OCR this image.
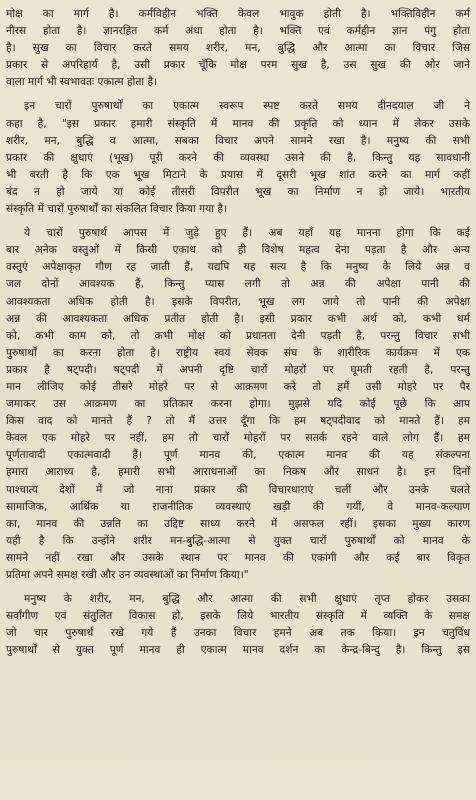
मोक्ष का मार्ग है। कर्मविहीन भक्ति केवल भावुक होती है। भक्तिविहीन कर्म
नीरस होता है। ज्ञानरहित कर्म अंधा होता है। भक्ति एवं कर्महीन ज्ञान पंगु होता
है। सुख का विचार करते समय शरीर, मन, बुद्धि और आत्मा का विचार जिस
प्रकार से अपरिहार्य है, उसी प्रकार चूँकि मोक्ष परम सुख है, उस सुख की ओर जाने
वाला मार्ग भी स्वभावतः एकात्म होता है।
इन चारों पुरुषार्थों का एकात्म स्वरूप स्पष्ट करते समय दीनदयाल जी ने
कहा है, "इस प्रकार हमारी संस्कृति में मानव की प्रकृति को ध्यान में लेकर उसके
शरीर, मन, बुद्धि व आत्मा, सबका विचार अपने सामने रखा है। मनुष्य की सभी
प्रकार की क्षुधाएं (भूख) पूरी करने की व्यवस्था उसने की है, किन्तु यह सावधानी
भी बरती है कि एक भूख मिटाने के प्रयास में दूसरी भूख शांत करने का मार्ग कहीं
बंद न हो जाये या कोई तीसरी विपरीत भूख का निर्माण न हो जाये। भारतीय
संस्कृति में चारों पुरुषार्थों का संकलित विचार किया गया है।
ये चारों पुरुषार्थ आपस में जुड़े हुए हैं। अब यहाँ यह मानना होगा कि कई
बार अनेक वस्तुओं में किसी एकाध को ही विशेष महत्व देना पड़ता है और अन्य
वस्तुएं अपेक्षाकृत गौण रह जाती हैं, यद्यपि यह सत्य है कि मनुष्य के लिये अन्न व
जल दोनों आवश्यक हैं, किन्तु प्यास लगी तो अन्न की अपेक्षा पानी की
आवश्यकता अधिक होती है। इसके विपरीत, भूख लग जाये तो पानी की अपेक्षा
अन्न की आवश्यकता अधिक प्रतीत होती है। इसी प्रकार कभी अर्थ को, कभी धर्म
को, कभी काम को, तो कभी मोक्ष को प्रधानता देनी पड़ती है, परन्तु विचार सभी
पुरुषार्थों का करना होता है। राष्ट्रीय स्वयं सेवक संघ के शारीरिक कार्यक्रम में एक
प्रकार है षट्पदी। षट्पदी में अपनी दृष्टि चारों मोहरों पर घूमती रहती है, परन्तु
मान लीजिए कोई तीसरे मोहरे पर से आक्रमण करे तो हमें उसी मोहरे पर पैर
जमाकर उस आक्रमण का प्रतिकार करना होगा। मुझसे यदि कोई पूछे कि आप
किस वाद को मानते हैं ? तो मैं उत्तर दूँगा कि हम षट्पदीवाद को मानते हैं। हम
केवल एक मोहरे पर नहीं, हम तो चारों मोहरों पर सतर्क रहने वाले लोग हैं। हम
पूर्णतावादी एकात्मवादी हैं। पूर्ण मानव की, एकात्म मानव की यह संकल्पना
हमारा आराध्य है, हमारी सभी आराधनाओं का निकष और साधन है। इन दिनों
पाश्चात्य देशों में जो नाना प्रकार की विचारधाराएं चलीं और उनके चलते
सामाजिक, आर्थिक या राजनीतिक व्यवस्थाएं खड़ी की गयीं, वे मानव-कल्याण
का, मानव की उन्नति का उद्दिष्ट साध्य करने में असफल रहीं। इसका मुख्य कारण
यही है कि उन्होंने शरीर मन-बुद्धि-आत्मा से युक्त चारों पुरुषार्थों को मानव के
सामने नहीं रखा और उसके स्थान पर मानव की एकांगी और कई बार विकृत
प्रतिमा अपने समक्ष रखी और उन व्यवस्थाओं का निर्माण किया।"
मनुष्य के शरीर, मन, बुद्धि और आत्मा की सभी क्षुधाएं तृप्त होकर उसका
सर्वांगीण एवं संतुलित विकास हो, इसके लिये भारतीय संस्कृति में व्यक्ति के समक्ष
जो चार पुरुषार्थ रखे गये हैं उनका विचार हमने अब तक किया। इन चतुर्विध
पुरुषार्थों से युक्त पूर्ण मानव ही एकात्म मानव दर्शन का केन्द्र-बिन्दु है। किन्तु इस
